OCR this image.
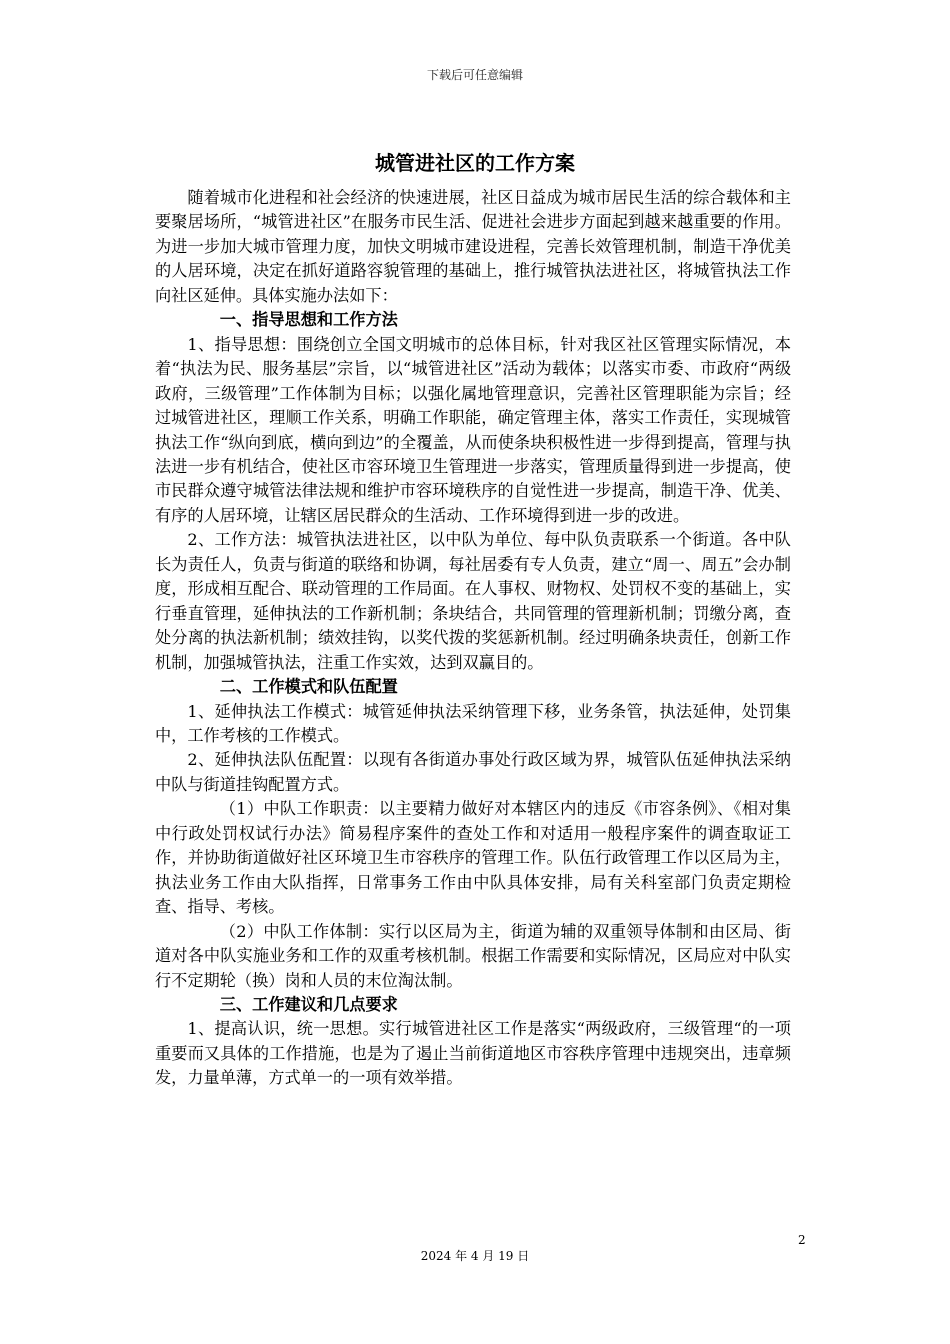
下载后可任意编辑
城管进社区的工作方案

随着城市化进程和社会经济的快速进展，社区日益成为城市居民生活的综合载体和主要聚居场所，“城管进社区”在服务市民生活、促进社会进步方面起到越来越重要的作用。为进一步加大城市管理力度，加快文明城市建设进程，完善长效管理机制，制造干净优美的人居环境，决定在抓好道路容貌管理的基础上，推行城管执法进社区，将城管执法工作向社区延伸。具体实施办法如下：

一、指导思想和工作方法

1、指导思想：围绕创立全国文明城市的总体目标，针对我区社区管理实际情况，本着“执法为民、服务基层”宗旨，以“城管进社区”活动为载体；以落实市委、市政府“两级政府，三级管理”工作体制为目标；以强化属地管理意识，完善社区管理职能为宗旨；经过城管进社区，理顺工作关系，明确工作职能，确定管理主体，落实工作责任，实现城管执法工作“纵向到底，横向到边”的全覆盖，从而使条块积极性进一步得到提高，管理与执法进一步有机结合，使社区市容环境卫生管理进一步落实，管理质量得到进一步提高，使市民群众遵守城管法律法规和维护市容环境秩序的自觉性进一步提高，制造干净、优美、有序的人居环境，让辖区居民群众的生活动、工作环境得到进一步的改进。

2、工作方法：城管执法进社区，以中队为单位、每中队负责联系一个街道。各中队长为责任人，负责与街道的联络和协调，每社居委有专人负责，建立“周一、周五”会办制度，形成相互配合、联动管理的工作局面。在人事权、财物权、处罚权不变的基础上，实行垂直管理，延伸执法的工作新机制；条块结合，共同管理的管理新机制；罚缴分离，查处分离的执法新机制；绩效挂钩，以奖代拨的奖惩新机制。经过明确条块责任，创新工作机制，加强城管执法，注重工作实效，达到双赢目的。

二、工作模式和队伍配置

1、延伸执法工作模式：城管延伸执法采纳管理下移，业务条管，执法延伸，处罚集中，工作考核的工作模式。

2、延伸执法队伍配置：以现有各街道办事处行政区域为界，城管队伍延伸执法采纳中队与街道挂钩配置方式。

（1）中队工作职责：以主要精力做好对本辖区内的违反《市容条例》、《相对集中行政处罚权试行办法》简易程序案件的查处工作和对适用一般程序案件的调查取证工作，并协助街道做好社区环境卫生市容秩序的管理工作。队伍行政管理工作以区局为主，执法业务工作由大队指挥，日常事务工作由中队具体安排，局有关科室部门负责定期检查、指导、考核。

（2）中队工作体制：实行以区局为主，街道为辅的双重领导体制和由区局、街道对各中队实施业务和工作的双重考核机制。根据工作需要和实际情况，区局应对中队实行不定期轮（换）岗和人员的末位淘汰制。

三、工作建议和几点要求

1、提高认识，统一思想。实行城管进社区工作是落实“两级政府，三级管理“的一项重要而又具体的工作措施，也是为了遏止当前街道地区市容秩序管理中违规突出，违章频发，力量单薄，方式单一的一项有效举措。

2
2024 年 4 月 19 日
